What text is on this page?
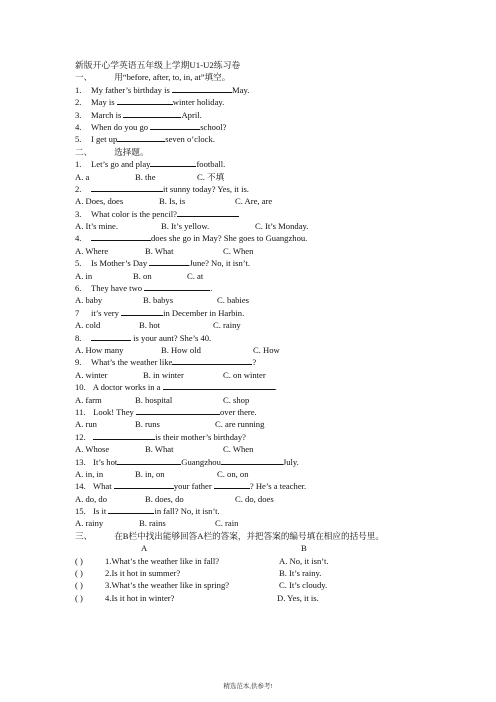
新版开心学英语五年级上学期U1-U2练习卷
一、	用“before, after, to, in, at”填空。
1. My father’s birthday is	May.
2. May is	winter holiday.
3. March is	April.
4. When do you go	school?
5. I get up	seven o’clock.
二、	选择题。
1. Let’s go and play	football.
A. a	B. the	C. 不填
2.	it sunny today? Yes, it is.
A. Does, does	B. Is, is	C. Are, are
3. What color is the pencil?
A. It’s mine.	B. It’s yellow.	C. It’s Monday.
4.	does she go in May? She goes to Guangzhou.
A. Where	B. What	C. When
5. Is Mother’s Day	June? No, it isn’t.
A. in	B. on	C. at
6. They have two	.
A. baby	B. babys	C. babies
7 it’s very	in December in Harbin.
A. cold	B. hot	C. rainy
8.	is your aunt? She’s 40.
A. How many	B. How old	C. How
9. What’s the weather like	?
A. winter	B. in winter	C. on winter
10. A doctor works in a	.
A. farm	B. hospital	C. shop
11. Look! They	over there.
A. run	B. runs	C. are running
12.	is their mother’s birthday?
A. Whose	B. What	C. When
13. It’s hot	Guangzhou	July.
A. in, in	B. in, on	C. on, on
14. What	your father	? He’s a teacher.
A. do, do	B. does, do	C. do, does
15. Is it	in fall? No, it isn’t.
A. rainy	B. rains	C. rain
三、	在B栏中找出能够回答A栏的答案，并把答案的编号填在相应的括号里。
A	B
( )	1.What’s the weather like in fall?	A. No, it isn’t.
( )	2.Is it hot in summer?	B. It’s rainy.
( )	3.What’s the weather like in spring?	C. It’s cloudy.
( )	4.Is it hot in winter?	D. Yes, it is.
精选范本,供参考!
